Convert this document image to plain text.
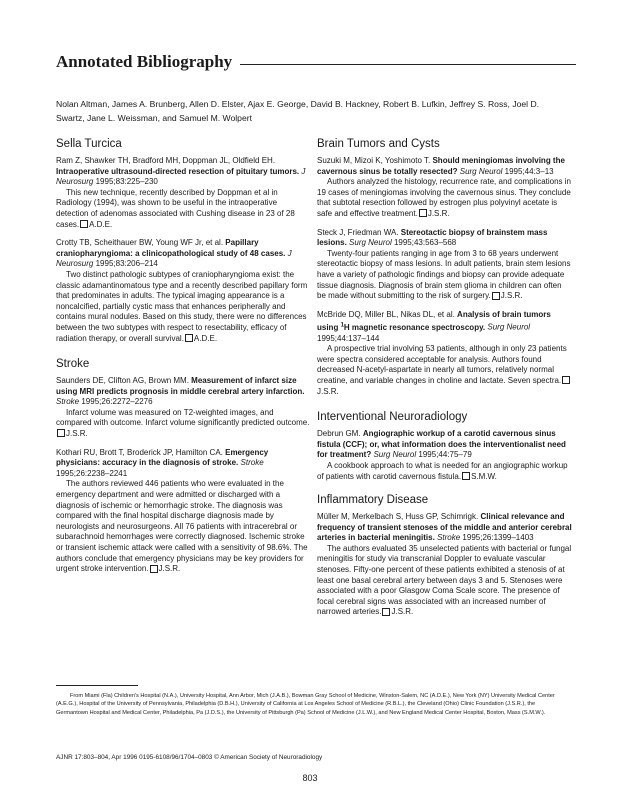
Annotated Bibliography
Nolan Altman, James A. Brunberg, Allen D. Elster, Ajax E. George, David B. Hackney, Robert B. Lufkin, Jeffrey S. Ross, Joel D. Swartz, Jane L. Weissman, and Samuel M. Wolpert
Sella Turcica
Ram Z, Shawker TH, Bradford MH, Doppman JL, Oldfield EH. Intraoperative ultrasound-directed resection of pituitary tumors. J Neurosurg 1995;83:225–230
This new technique, recently described by Doppman et al in Radiology (1994), was shown to be useful in the intraoperative detection of adenomas associated with Cushing disease in 23 of 28 cases. A.D.E.
Crotty TB, Scheithauer BW, Young WF Jr, et al. Papillary craniopharyngioma: a clinicopathological study of 48 cases. J Neurosurg 1995;83:206–214
Two distinct pathologic subtypes of craniopharyngioma exist: the classic adamantinomatous type and a recently described papillary form that predominates in adults. The typical imaging appearance is a noncalcified, partially cystic mass that enhances peripherally and contains mural nodules. Based on this study, there were no differences between the two subtypes with respect to resectability, efficacy of radiation therapy, or overall survival. A.D.E.
Stroke
Saunders DE, Clifton AG, Brown MM. Measurement of infarct size using MRI predicts prognosis in middle cerebral artery infarction. Stroke 1995;26:2272–2276
Infarct volume was measured on T2-weighted images, and compared with outcome. Infarct volume significantly predicted outcome.J.S.R.
Kothari RU, Brott T, Broderick JP, Hamilton CA. Emergency physicians: accuracy in the diagnosis of stroke. Stroke 1995;26:2238–2241
The authors reviewed 446 patients who were evaluated in the emergency department and were admitted or discharged with a diagnosis of ischemic or hemorrhagic stroke. The diagnosis was compared with the final hospital discharge diagnosis made by neurologists and neurosurgeons. All 76 patients with intracerebral or subarachnoid hemorrhages were correctly diagnosed. Ischemic stroke or transient ischemic attack were called with a sensitivity of 98.6%. The authors conclude that emergency physicians may be key providers for urgent stroke intervention. J.S.R.
Brain Tumors and Cysts
Suzuki M, Mizoi K, Yoshimoto T. Should meningiomas involving the cavernous sinus be totally resected? Surg Neurol 1995;44:3–13
Authors analyzed the histology, recurrence rate, and complications in 19 cases of meningiomas involving the cavernous sinus. They conclude that subtotal resection followed by estrogen plus polyvinyl acetate is safe and effective treatment. J.S.R.
Steck J, Friedman WA. Stereotactic biopsy of brainstem mass lesions. Surg Neurol 1995;43:563–568
Twenty-four patients ranging in age from 3 to 68 years underwent stereotactic biopsy of mass lesions. In adult patients, brain stem lesions have a variety of pathologic findings and biopsy can provide adequate tissue diagnosis. Diagnosis of brain stem glioma in children can often be made without submitting to the risk of surgery. J.S.R.
McBride DQ, Miller BL, Nikas DL, et al. Analysis of brain tumors using $^1$H magnetic resonance spectroscopy. Surg Neurol 1995;44:137–144
A prospective trial involving 53 patients, although in only 23 patients were spectra considered acceptable for analysis. Authors found decreased N-acetyl-aspartate in nearly all tumors, relatively normal creatine, and variable changes in choline and lactate. Seven spectra.J.S.R.
Interventional Neuroradiology
Debrun GM. Angiographic workup of a carotid cavernous sinus fistula (CCF); or, what information does the interventionalist need for treatment? Surg Neurol 1995;44:75–79
A cookbook approach to what is needed for an angiographic workup of patients with carotid cavernous fistula. S.M.W.
Inflammatory Disease
Müller M, Merkelbach S, Huss GP, Schimrigk. Clinical relevance and frequency of transient stenoses of the middle and anterior cerebral arteries in bacterial meningitis. Stroke 1995;26:1399–1403
The authors evaluated 35 unselected patients with bacterial or fungal meningitis for study via transcranial Doppler to evaluate vascular stenoses. Fifty-one percent of these patients exhibited a stenosis of at least one basal cerebral artery between days 3 and 5. Stenoses were associated with a poor Glasgow Coma Scale score. The presence of focal cerebral signs was associated with an increased number of narrowed arteries. J.S.R.
From Miami (Fla) Children's Hospital (N.A.), University Hospital, Ann Arbor, Mich (J.A.B.), Bowman Gray School of Medicine, Winston-Salem, NC (A.D.E.), New York (NY) University Medical Center (A.E.G.), Hospital of the University of Pennsylvania, Philadelphia (D.B.H.), University of California at Los Angeles School of Medicine (R.B.L.), the Cleveland (Ohio) Clinic Foundation (J.S.R.), the Germantown Hospital and Medical Center, Philadelphia, Pa (J.D.S.), the University of Pittsburgh (Pa) School of Medicine (J.L.W.), and New England Medical Center Hospital, Boston, Mass (S.M.W.).
AJNR 17:803–804, Apr 1996 0195-6108/96/1704–0803 © American Society of Neuroradiology
803
